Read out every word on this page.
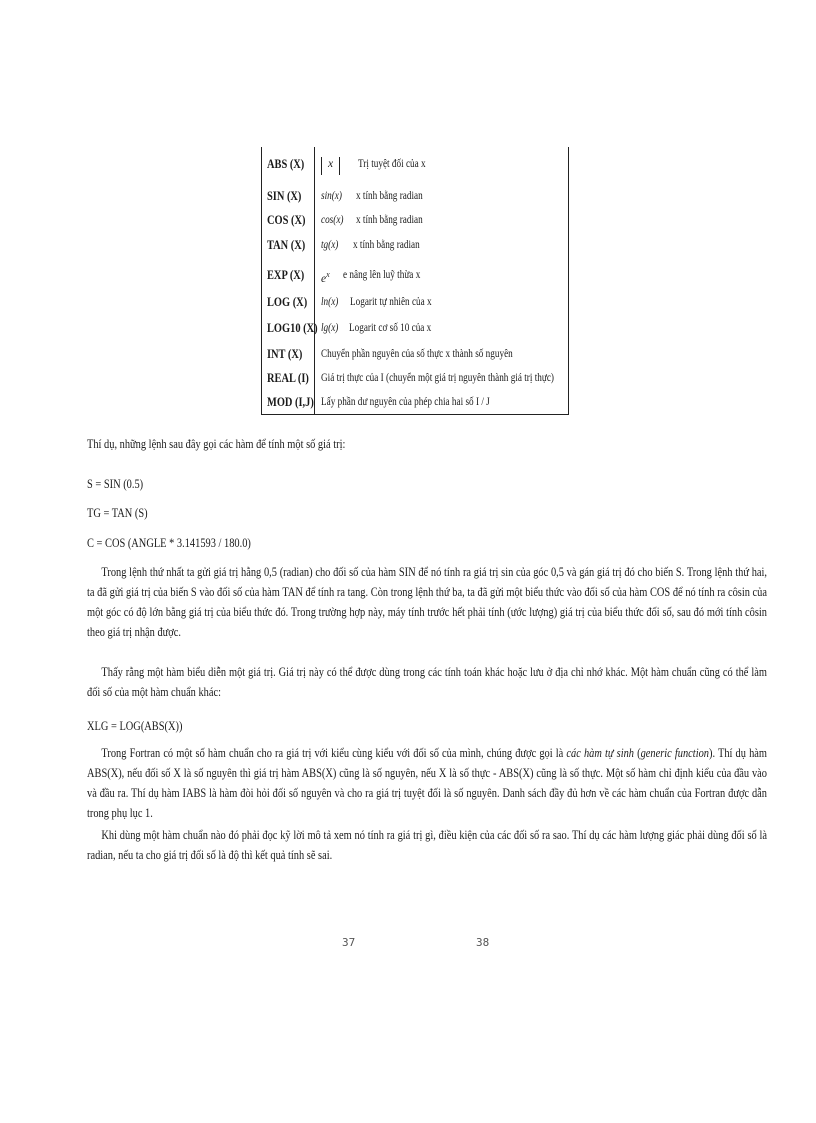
ABS (X)	x	Trị tuyệt đối của x
SIN (X) sin(x) x tính bằng radian
COS (X) cos(x) x tính bằng radian
TAN (X) tg(x) x tính bằng radian
EXP (X) $e^x$ e nâng lên luỹ thừa x
LOG (X) ln(x) Logarit tự nhiên của x
LOG10 (X) lg(x) Logarit cơ số 10 của x
INT (X) Chuyển phần nguyên của số thực x thành số nguyên
REAL (I) Giá trị thực của I (chuyển một giá trị nguyên thành giá trị thực)
MOD (I,J) Lấy phần dư nguyên của phép chia hai số I / J
Thí dụ, những lệnh sau đây gọi các hàm để tính một số giá trị:
S = SIN (0.5)
TG = TAN (S)
C = COS (ANGLE * 3.141593 / 180.0)
Trong lệnh thứ nhất ta gửi giá trị hằng 0,5 (radian) cho đối số của hàm SIN để nó tính ra giá trị sin của góc 0,5 và gán giá trị đó cho biến S. Trong lệnh thứ hai, ta đã gửi giá trị của biến S vào đối số của hàm TAN để tính ra tang. Còn trong lệnh thứ ba, ta đã gửi một biểu thức vào đối số của hàm COS để nó tính ra côsin của một góc có độ lớn bằng giá trị của biểu thức đó. Trong trường hợp này, máy tính trước hết phải tính (ước lượng) giá trị của biểu thức đối số, sau đó mới tính côsin theo giá trị nhận được.
Thấy rằng một hàm biểu diễn một giá trị. Giá trị này có thể được dùng trong các tính toán khác hoặc lưu ở địa chỉ nhớ khác. Một hàm chuẩn cũng có thể làm đối số của một hàm chuẩn khác:
XLG = LOG(ABS(X))
Trong Fortran có một số hàm chuẩn cho ra giá trị với kiểu cùng kiểu với đối số của mình, chúng được gọi là các hàm tự sinh (generic function). Thí dụ hàm ABS(X), nếu đối số X là số nguyên thì giá trị hàm ABS(X) cũng là số nguyên, nếu X là số thực - ABS(X) cũng là số thực. Một số hàm chỉ định kiểu của đầu vào và đầu ra. Thí dụ hàm IABS là hàm đòi hỏi đối số nguyên và cho ra giá trị tuyệt đối là số nguyên. Danh sách đầy đủ hơn về các hàm chuẩn của Fortran được dẫn trong phụ lục 1.
Khi dùng một hàm chuẩn nào đó phải đọc kỹ lời mô tả xem nó tính ra giá trị gì, điều kiện của các đối số ra sao. Thí dụ các hàm lượng giác phải dùng đối số là radian, nếu ta cho giá trị đối số là độ thì kết quả tính sẽ sai.
37	38
